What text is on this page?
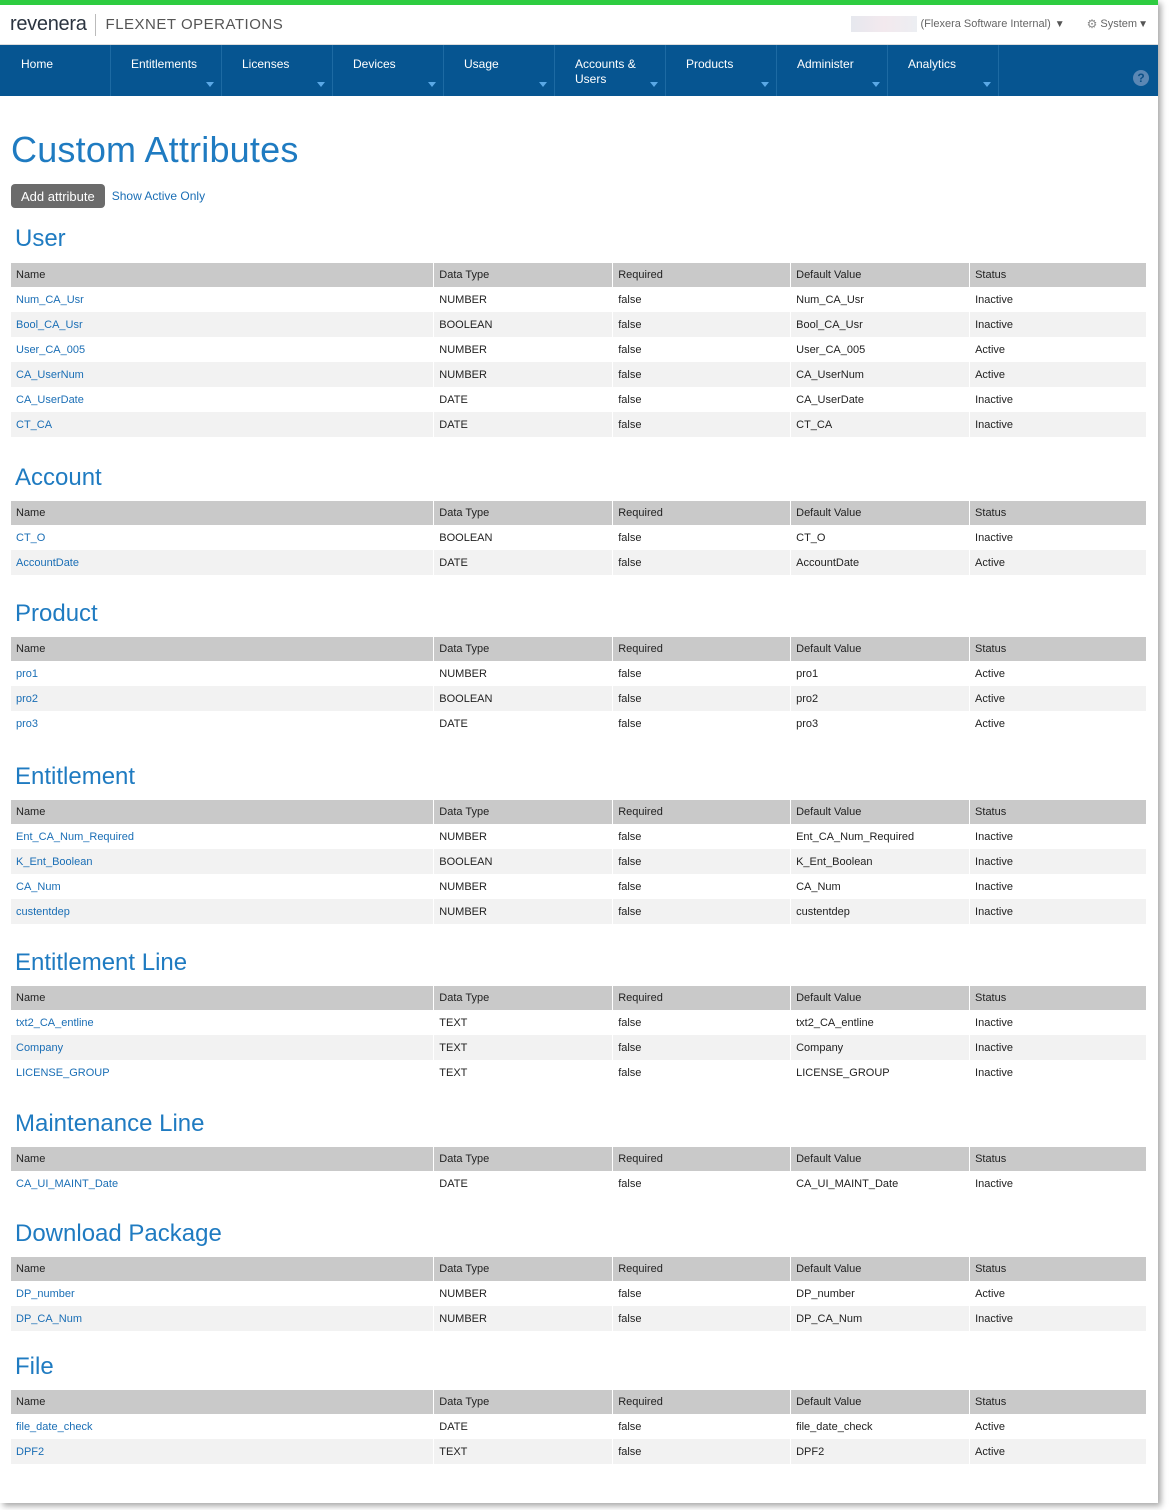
revenera FLEXNET OPERATIONS	(Flexera Software Internal) ▼ ⚙ System ▼
Home	Entitlements	Licenses	Devices	Usage	Accounts & Users
Products	Administer	Analytics
?
Custom Attributes
Add attribute	Show Active Only
User
Name	Data Type	Required	Default Value	Status
Num_CA_Usr	NUMBER	false	Num_CA_Usr	Inactive
Bool_CA_Usr	BOOLEAN	false	Bool_CA_Usr	Inactive
User_CA_005	NUMBER	false	User_CA_005	Active
CA_UserNum	NUMBER	false	CA_UserNum	Active
CA_UserDate	DATE	false	CA_UserDate	Inactive
CT_CA	DATE	false	CT_CA	Inactive
Account
Name	Data Type	Required	Default Value	Status
CT_O	BOOLEAN	false	CT_O	Inactive
AccountDate	DATE	false	AccountDate	Active
Product
Name	Data Type	Required	Default Value	Status
pro1	NUMBER	false	pro1	Active
pro2	BOOLEAN	false	pro2	Active
pro3	DATE	false	pro3	Active
Entitlement
Name	Data Type	Required	Default Value	Status
Ent_CA_Num_Required	NUMBER	false	Ent_CA_Num_Required	Inactive
K_Ent_Boolean	BOOLEAN	false	K_Ent_Boolean	Inactive
CA_Num	NUMBER	false	CA_Num	Inactive
custentdep	NUMBER	false	custentdep	Inactive
Entitlement Line
Name	Data Type	Required	Default Value	Status
txt2_CA_entline	TEXT	false	txt2_CA_entline	Inactive
Company	TEXT	false	Company	Inactive
LICENSE_GROUP	TEXT	false	LICENSE_GROUP	Inactive
Maintenance Line
Name	Data Type	Required	Default Value	Status
CA_UI_MAINT_Date	DATE	false	CA_UI_MAINT_Date	Inactive
Download Package
Name	Data Type	Required	Default Value	Status
DP_number	NUMBER	false	DP_number	Active
DP_CA_Num	NUMBER	false	DP_CA_Num	Inactive
File
Name	Data Type	Required	Default Value	Status
file_date_check	DATE	false	file_date_check	Active
DPF2	TEXT	false	DPF2	Active
